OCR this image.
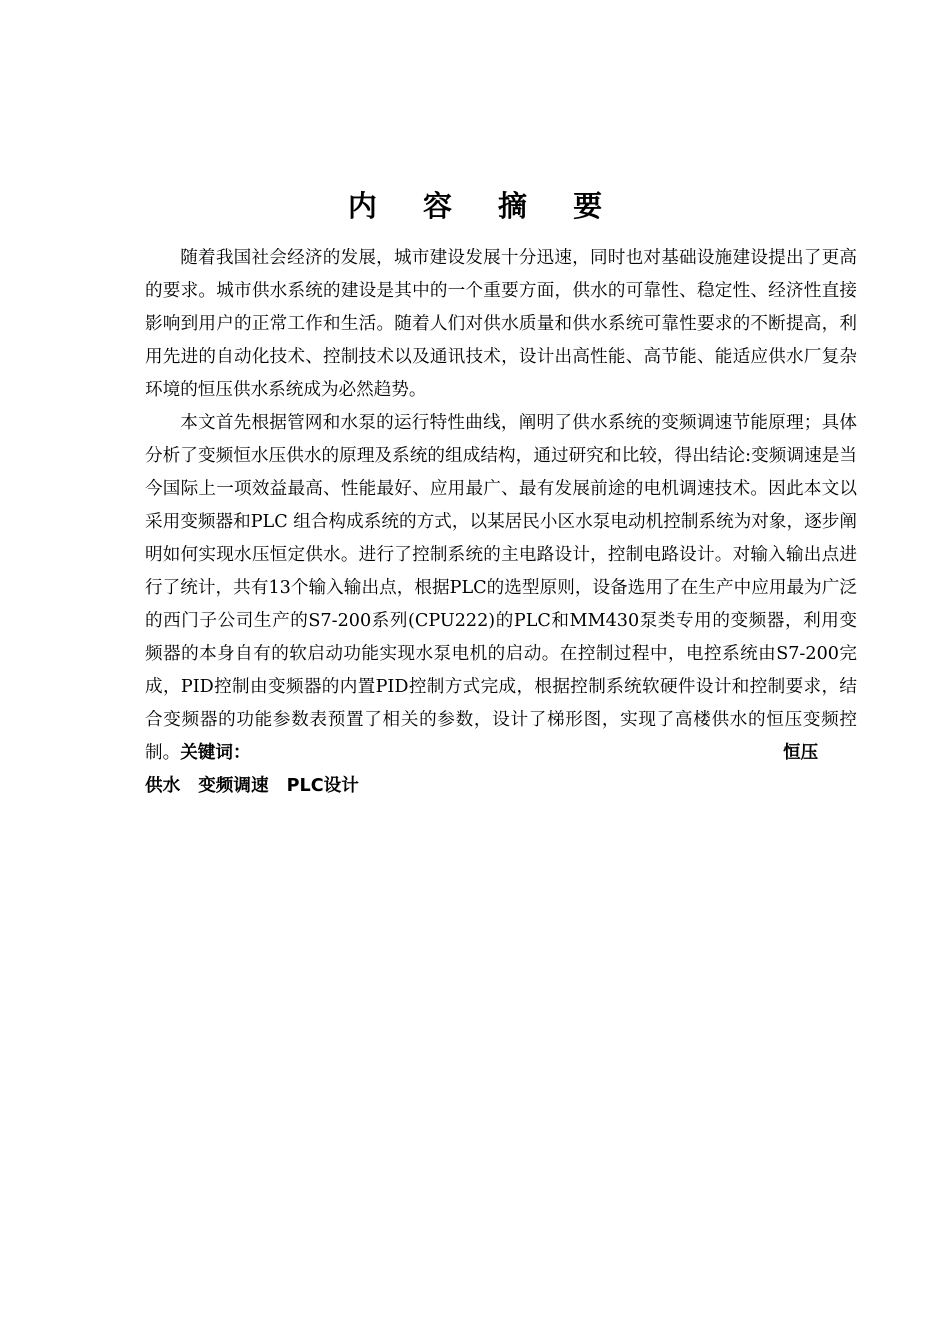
内 容 摘 要

随着我国社会经济的发展，城市建设发展十分迅速，同时也对基础设施建设提出了更高的要求。城市供水系统的建设是其中的一个重要方面，供水的可靠性、稳定性、经济性直接影响到用户的正常工作和生活。随着人们对供水质量和供水系统可靠性要求的不断提高，利用先进的自动化技术、控制技术以及通讯技术，设计出高性能、高节能、能适应供水厂复杂环境的恒压供水系统成为必然趋势。

本文首先根据管网和水泵的运行特性曲线，阐明了供水系统的变频调速节能原理；具体分析了变频恒水压供水的原理及系统的组成结构，通过研究和比较，得出结论:变频调速是当今国际上一项效益最高、性能最好、应用最广、最有发展前途的电机调速技术。因此本文以采用变频器和PLC 组合构成系统的方式，以某居民小区水泵电动机控制系统为对象，逐步阐明如何实现水压恒定供水。进行了控制系统的主电路设计，控制电路设计。对输入输出点进行了统计，共有13个输入输出点，根据PLC的选型原则，设备选用了在生产中应用最为广泛的西门子公司生产的S7-200系列(CPU222)的PLC和MM430泵类专用的变频器，利用变频器的本身自有的软启动功能实现水泵电机的启动。在控制过程中，电控系统由S7-200完成，PID控制由变频器的内置PID控制方式完成，根据控制系统软硬件设计和控制要求，结合变频器的功能参数表预置了相关的参数，设计了梯形图，实现了高楼供水的恒压变频控制。关键词：	恒压
供水 变频调速 PLC设计
